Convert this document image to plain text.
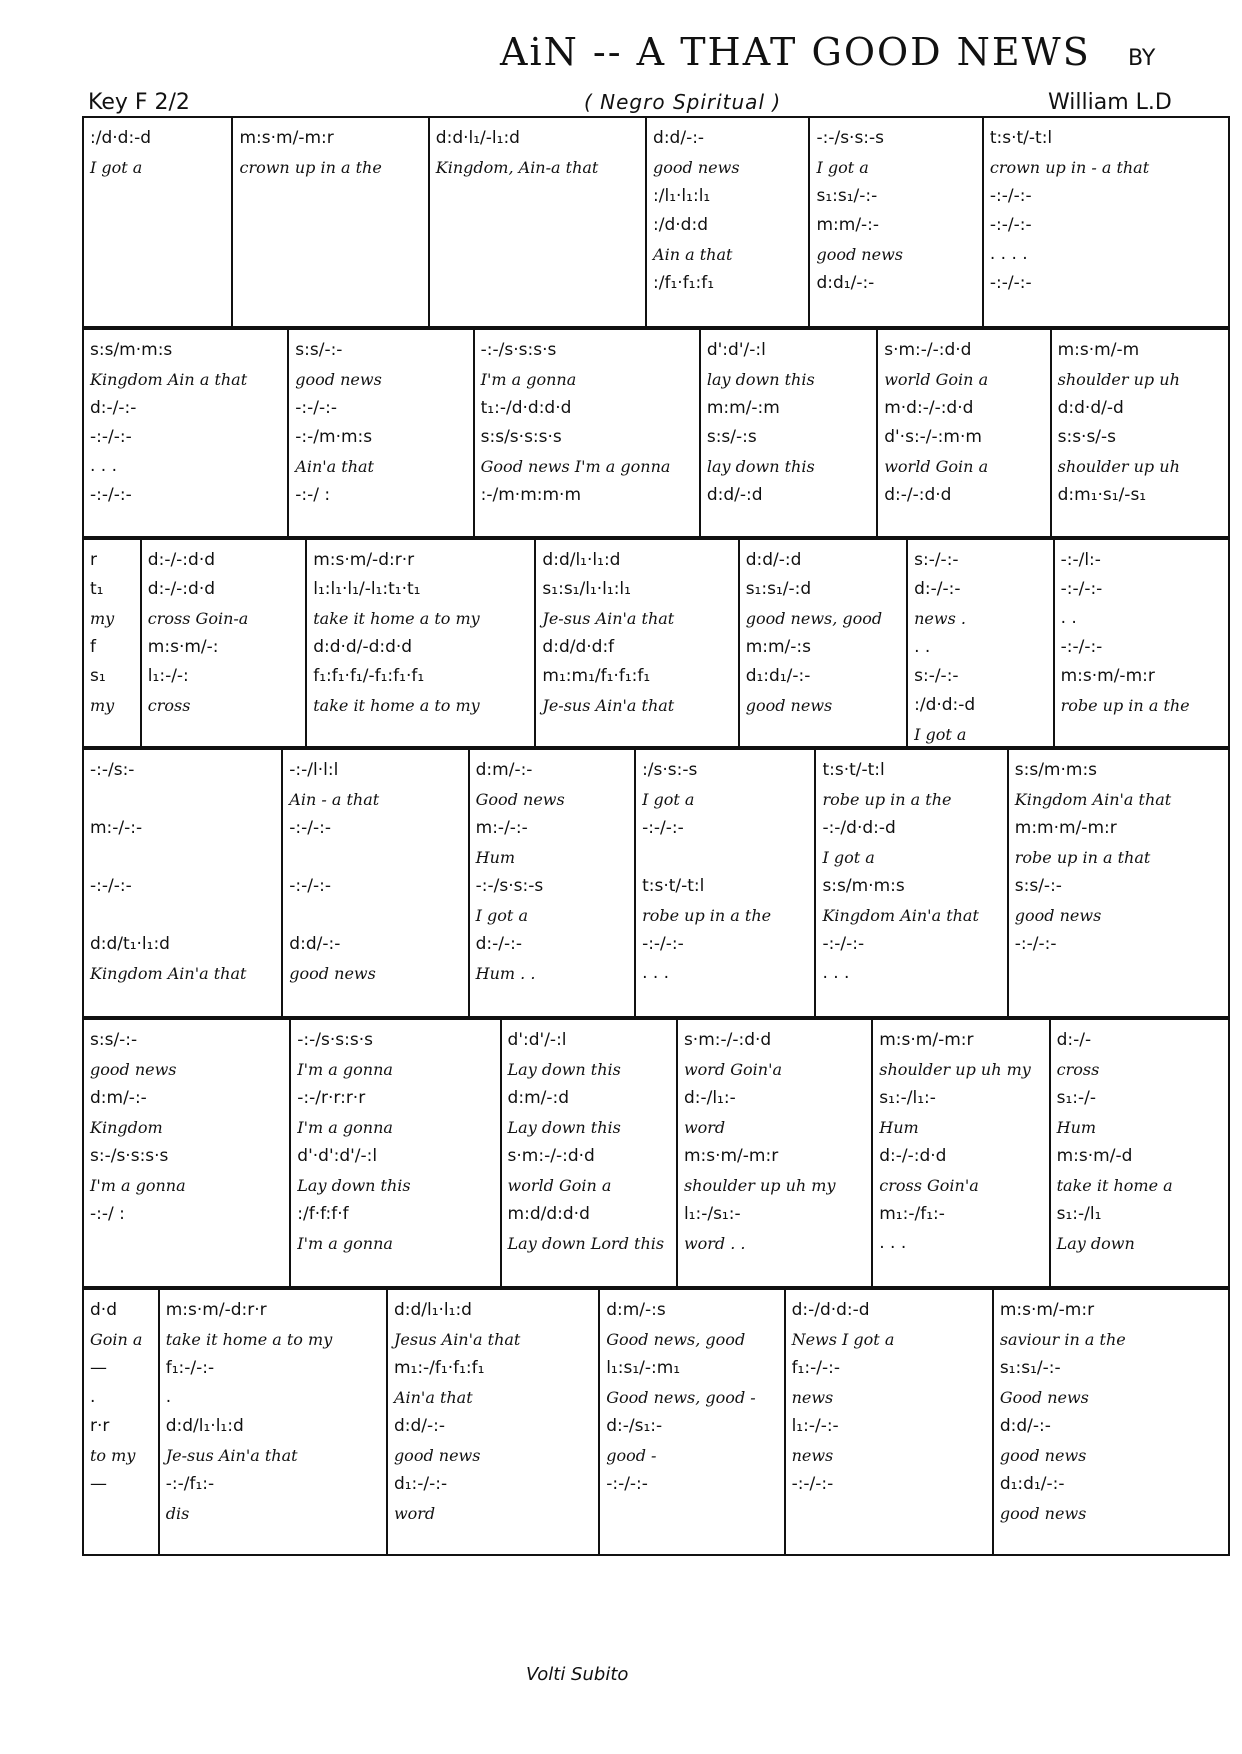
AiN -- A THAT GOOD NEWS BY
( Negro Spiritual )
Key F 2/2	William L.D
:/d·d:-d
I got a
m:s·m/-m:r
crown up in a the
d:d·l₁/-l₁:d
Kingdom, Ain-a that
d:d/-:-
good news
:/l₁·l₁:l₁
:/d·d:d
Ain a that
:/f₁·f₁:f₁
-:-/s·s:-s
I got a
s₁:s₁/-:-
m:m/-:-
good news
d:d₁/-:-
t:s·t/-t:l
crown up in - a that
-:-/-:-
-:-/-:-
. . . .
-:-/-:-
s:s/m·m:s
Kingdom Ain a that
d:-/-:-
-:-/-:-
. . .
-:-/-:-
s:s/-:-
good news
-:-/-:-
-:-/m·m:s
Ain'a that
-:-/ :
-:-/s·s:s·s
I'm a gonna
t₁:-/d·d:d·d
s:s/s·s:s·s
Good news I'm a gonna
:-/m·m:m·m
d':d'/-:l
lay down this
m:m/-:m
s:s/-:s
lay down this
d:d/-:d
s·m:-/-:d·d
world Goin a
m·d:-/-:d·d
d'·s:-/-:m·m
world Goin a
d:-/-:d·d
m:s·m/-m
shoulder up uh
d:d·d/-d
s:s·s/-s
shoulder up uh
d:m₁·s₁/-s₁
r
t₁
my
f
s₁
my
d:-/-:d·d
d:-/-:d·d
cross Goin-a
m:s·m/-:
l₁:-/-:
cross
m:s·m/-d:r·r
l₁:l₁·l₁/-l₁:t₁·t₁
take it home a to my
d:d·d/-d:d·d
f₁:f₁·f₁/-f₁:f₁·f₁
take it home a to my
d:d/l₁·l₁:d
s₁:s₁/l₁·l₁:l₁
Je-sus Ain'a that
d:d/d·d:f
m₁:m₁/f₁·f₁:f₁
Je-sus Ain'a that
d:d/-:d
s₁:s₁/-:d
good news, good
m:m/-:s
d₁:d₁/-:-
good news
s:-/-:-
d:-/-:-
news .
. .
s:-/-:-
:/d·d:-d
I got a
-:-/l:-
-:-/-:-
. .
-:-/-:-
m:s·m/-m:r
robe up in a the
-:-/s:-
m:-/-:-
-:-/-:-
d:d/t₁·l₁:d
Kingdom Ain'a that
-:-/l·l:l
Ain - a that
-:-/-:-
-:-/-:-
d:d/-:-
good news
d:m/-:-
Good news
m:-/-:-
Hum
-:-/s·s:-s
I got a
d:-/-:-
Hum . .
:/s·s:-s
I got a
-:-/-:-
t:s·t/-t:l
robe up in a the
-:-/-:-
. . .
t:s·t/-t:l
robe up in a the
-:-/d·d:-d
I got a
s:s/m·m:s
Kingdom Ain'a that
-:-/-:-
. . .
s:s/m·m:s
Kingdom Ain'a that
m:m·m/-m:r
robe up in a that
s:s/-:-
good news
-:-/-:-
s:s/-:-
good news
d:m/-:-
Kingdom
s:-/s·s:s·s
I'm a gonna
-:-/ :
-:-/s·s:s·s
I'm a gonna
-:-/r·r:r·r
I'm a gonna
d'·d':d'/-:l
Lay down this
:/f·f:f·f
I'm a gonna
d':d'/-:l
Lay down this
d:m/-:d
Lay down this
s·m:-/-:d·d
world Goin a
m:d/d:d·d
Lay down Lord this
s·m:-/-:d·d
word Goin'a
d:-/l₁:-
word
m:s·m/-m:r
shoulder up uh my
l₁:-/s₁:-
word . .
m:s·m/-m:r
shoulder up uh my
s₁:-/l₁:-
Hum
d:-/-:d·d
cross Goin'a
m₁:-/f₁:-
. . .
d:-/-
cross
s₁:-/-
Hum
m:s·m/-d
take it home a
s₁:-/l₁
Lay down
d·d
Goin a
—
.
r·r
to my
—
m:s·m/-d:r·r
take it home a to my
f₁:-/-:-
.
d:d/l₁·l₁:d
Je-sus Ain'a that
-:-/f₁:-
dis
d:d/l₁·l₁:d
Jesus Ain'a that
m₁:-/f₁·f₁:f₁
Ain'a that
d:d/-:-
good news
d₁:-/-:-
word
d:m/-:s
Good news, good
l₁:s₁/-:m₁
Good news, good -
d:-/s₁:-
good -
-:-/-:-
d:-/d·d:-d
News I got a
f₁:-/-:-
news
l₁:-/-:-
news
-:-/-:-
m:s·m/-m:r
saviour in a the
s₁:s₁/-:-
Good news
d:d/-:-
good news
d₁:d₁/-:-
good news
Volti Subito
